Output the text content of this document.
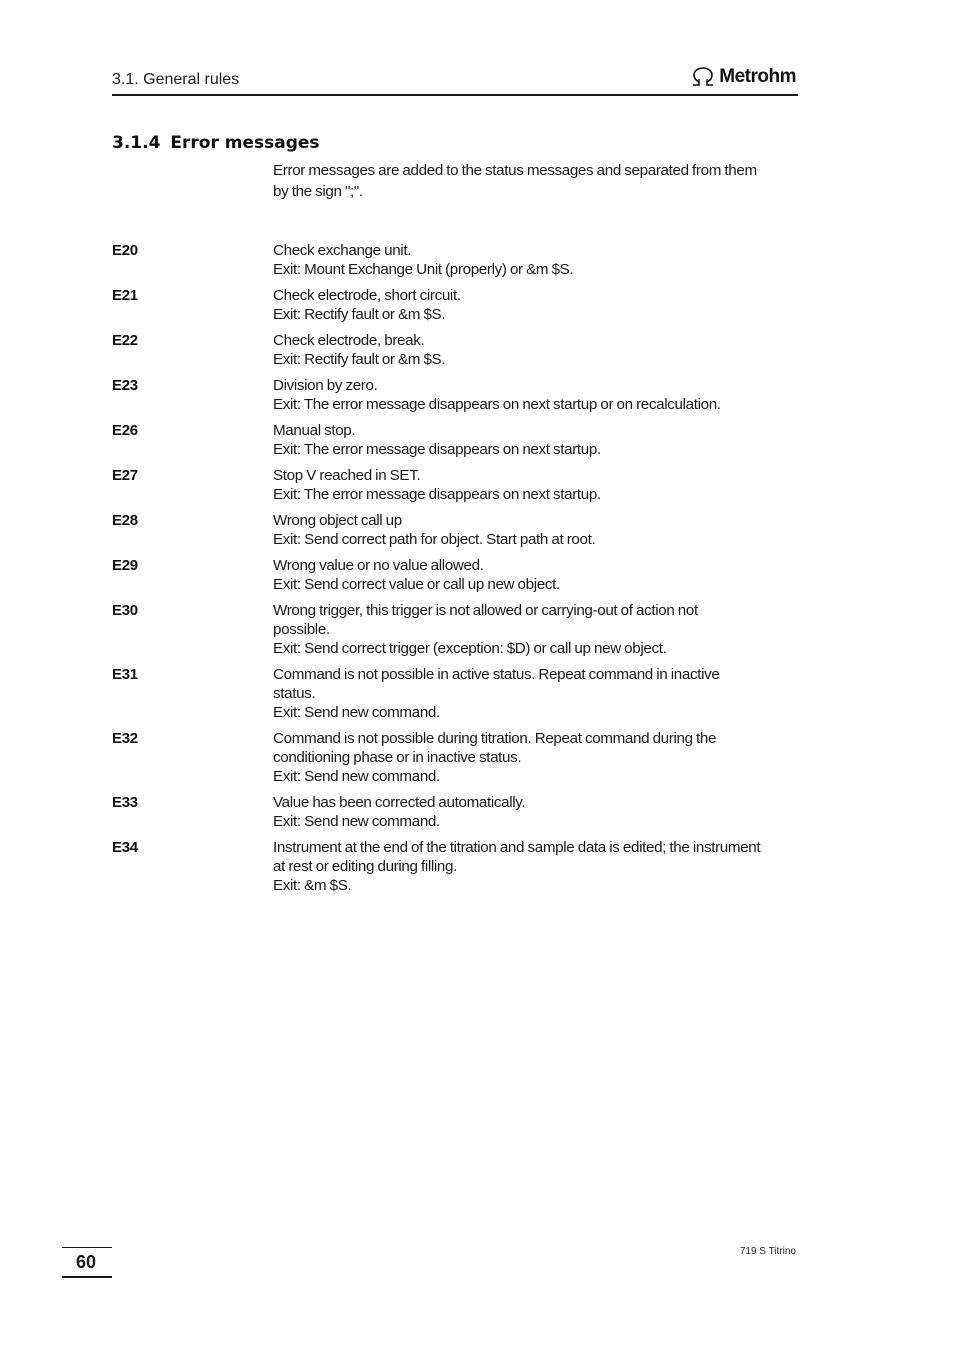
3.1. General rules	Metrohm
3.1.4 Error messages
Error messages are added to the status messages and separated from them
by the sign ";".
E20	Check exchange unit.
Exit: Mount Exchange Unit (properly) or &m $S.
E21	Check electrode, short circuit.
Exit: Rectify fault or &m $S.
E22	Check electrode, break.
Exit: Rectify fault or &m $S.
E23	Division by zero.
Exit: The error message disappears on next startup or on recalculation.
E26	Manual stop.
Exit: The error message disappears on next startup.
E27	Stop V reached in SET.
Exit: The error message disappears on next startup.
E28	Wrong object call up
Exit: Send correct path for object. Start path at root.
E29	Wrong value or no value allowed.
Exit: Send correct value or call up new object.
E30	Wrong trigger, this trigger is not allowed or carrying-out of action not
possible.
Exit: Send correct trigger (exception: $D) or call up new object.
E31	Command is not possible in active status. Repeat command in inactive
status.
Exit: Send new command.
E32	Command is not possible during titration. Repeat command during the
conditioning phase or in inactive status.
Exit: Send new command.
E33	Value has been corrected automatically.
Exit: Send new command.
E34	Instrument at the end of the titration and sample data is edited; the instrument
at rest or editing during filling.
Exit: &m $S.
60
719 S Titrino
